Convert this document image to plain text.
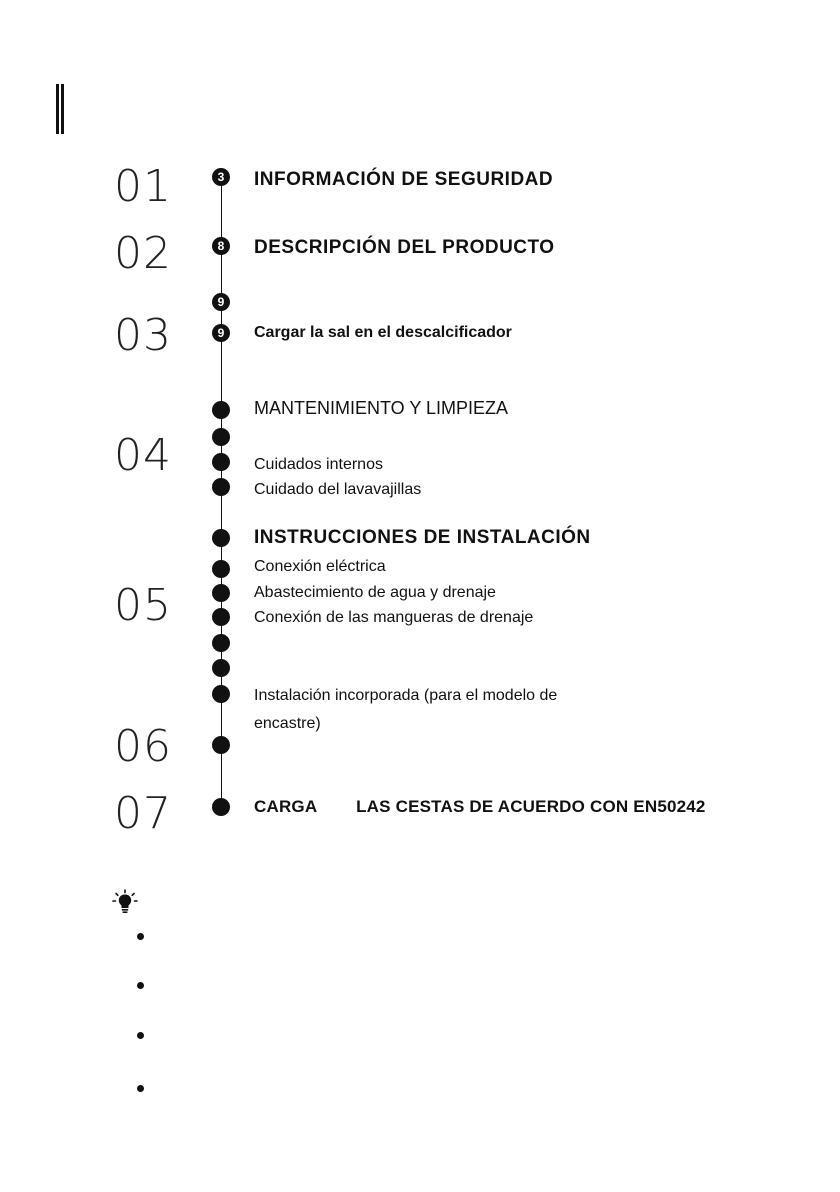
01
02
03
04
05
06
07
3
8
9
9
INFORMACIÓN DE SEGURIDAD
DESCRIPCIÓN DEL PRODUCTO
Cargar la sal en el descalcificador
MANTENIMIENTO Y LIMPIEZA
Cuidados internos
Cuidado del lavavajillas
INSTRUCCIONES DE INSTALACIÓN
Conexión eléctrica
Abastecimiento de agua y drenaje
Conexión de las mangueras de drenaje
Instalación incorporada (para el modelo de encastre)
CARGA        LAS CESTAS DE ACUERDO CON EN50242
